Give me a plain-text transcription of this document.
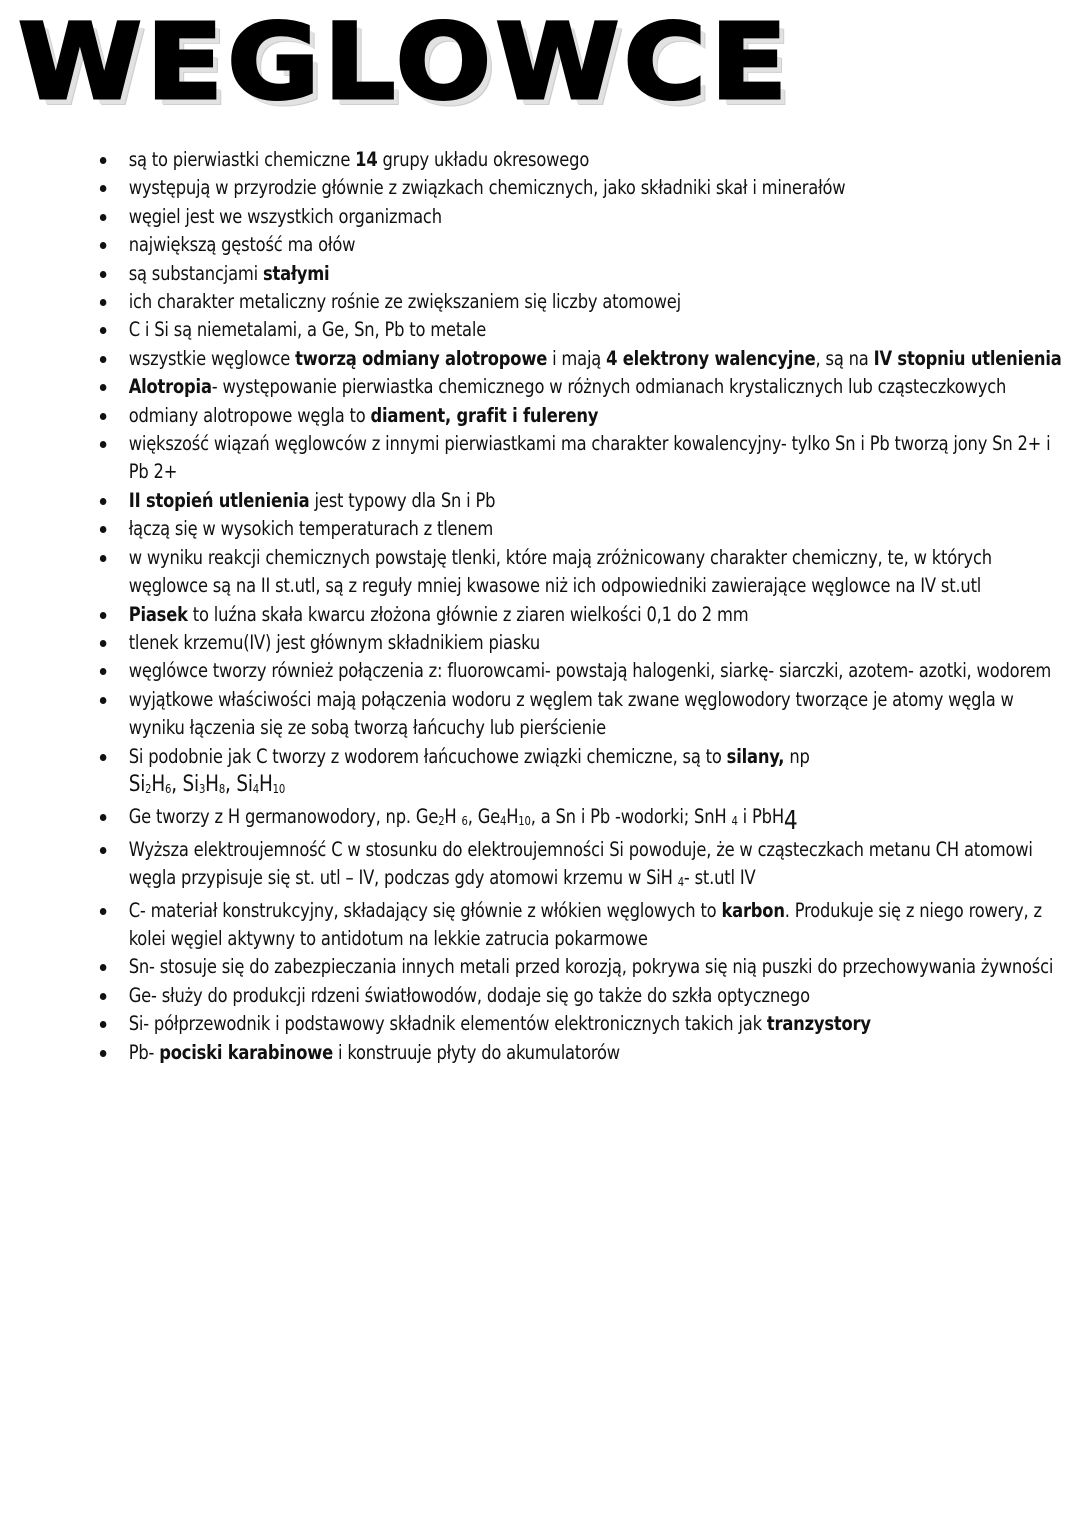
WEGLOWCE
są to pierwiastki chemiczne 14 grupy układu okresowego
występują w przyrodzie głównie z związkach chemicznych, jako składniki skał i minerałów
węgiel jest we wszystkich organizmach
największą gęstość ma ołów
są substancjami stałymi
ich charakter metaliczny rośnie ze zwiększaniem się liczby atomowej
C i Si są niemetalami, a Ge, Sn, Pb to metale
wszystkie węglowce tworzą odmiany alotropowe i mają 4 elektrony walencyjne, są na IV stopniu utlenienia
Alotropia- występowanie pierwiastka chemicznego w różnych odmianach krystalicznych lub cząsteczkowych
odmiany alotropowe węgla to diament, grafit i fulereny
większość wiązań węglowców z innymi pierwiastkami ma charakter kowalencyjny- tylko Sn i Pb tworzą jony Sn 2+ i Pb 2+
II stopień utlenienia jest typowy dla Sn i Pb
łączą się w wysokich temperaturach z tlenem
w wyniku reakcji chemicznych powstaję tlenki, które mają zróżnicowany charakter chemiczny, te, w których węglowce są na II st.utl, są z reguły mniej kwasowe niż ich odpowiedniki zawierające węglowce na IV st.utl
Piasek to luźna skała kwarcu złożona głównie z ziaren wielkości 0,1 do 2 mm
tlenek krzemu(IV) jest głównym składnikiem piasku
węglówce tworzy również połączenia z: fluorowcami- powstają halogenki, siarkę- siarczki, azotem- azotki, wodorem
wyjątkowe właściwości mają połączenia wodoru z węglem tak zwane węglowodory tworzące je atomy węgla w wyniku łączenia się ze sobą tworzą łańcuchy lub pierścienie
Si podobnie jak C tworzy z wodorem łańcuchowe związki chemiczne, są to silany, np
Si2H6, Si3H8, Si4H10
Ge tworzy z H germanowodory, np. Ge2H 6, Ge4H10, a Sn i Pb -wodorki; SnH 4 i PbH4
Wyższa elektroujemność C w stosunku do elektroujemności Si powoduje, że w cząsteczkach metanu CH atomowi węgla przypisuje się st. utl – IV, podczas gdy atomowi krzemu w SiH 4- st.utl IV
C- materiał konstrukcyjny, składający się głównie z włókien węglowych to karbon. Produkuje się z niego rowery, z kolei węgiel aktywny to antidotum na lekkie zatrucia pokarmowe
Sn- stosuje się do zabezpieczania innych metali przed korozją, pokrywa się nią puszki do przechowywania żywności
Ge- służy do produkcji rdzeni światłowodów, dodaje się go także do szkła optycznego
Si- półprzewodnik i podstawowy składnik elementów elektronicznych takich jak tranzystory
Pb- pociski karabinowe i konstruuje płyty do akumulatorów
